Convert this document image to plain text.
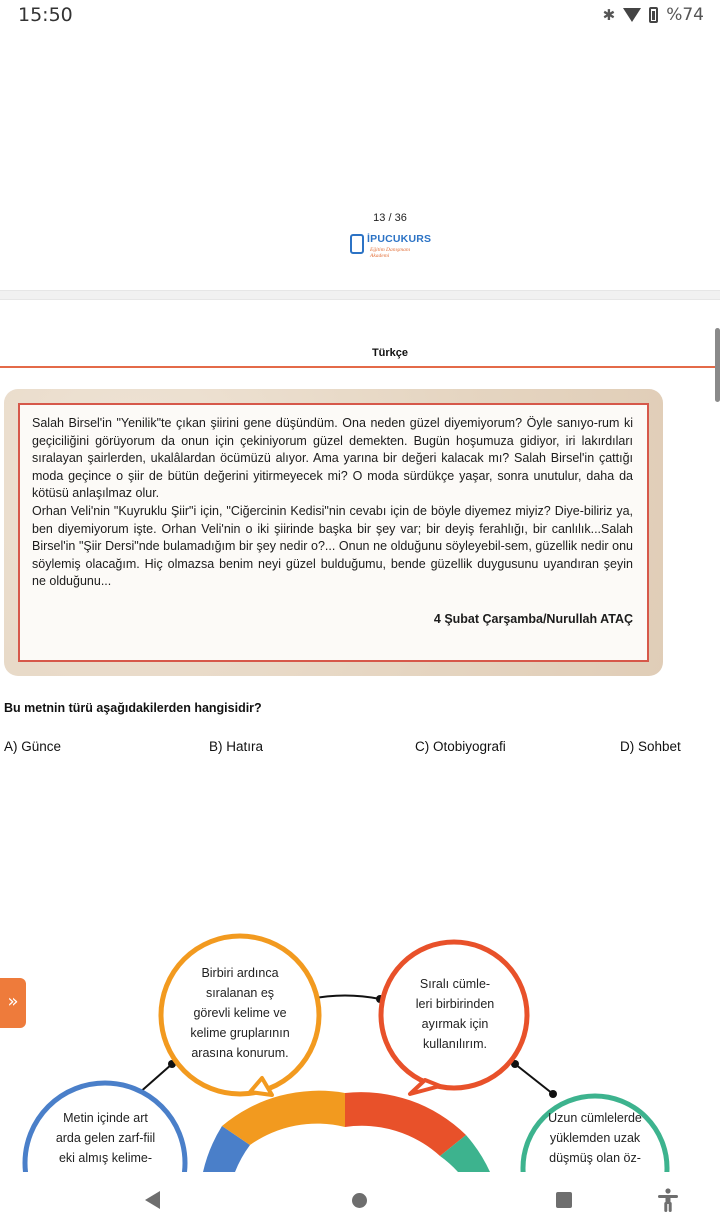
15:50	✱	%74
13 / 36
İPUCUKURS
Eğitim Danışmanı Akademi
Türkçe

Salah Birsel'in "Yenilik"te çıkan şiirini gene düşündüm. Ona neden güzel diyemiyorum? Öyle sanıyo-rum ki geçiciliğini görüyorum da onun için çekiniyorum güzel demekten. Bugün hoşumuza gidiyor, iri lakırdıları sıralayan şairlerden, ukalâlardan öcümüzü alıyor. Ama yarına bir değeri kalacak mı? Salah Birsel'in çattığı moda geçince o şiir de bütün değerini yitirmeyecek mi? O moda sürdükçe yaşar, sonra unutulur, daha da kötüsü anlaşılmaz olur.

Orhan Veli'nin "Kuyruklu Şiir"i için, "Ciğercinin Kedisi"nin cevabı için de böyle diyemez miyiz? Diye-biliriz ya, ben diyemiyorum işte. Orhan Veli'nin o iki şiirinde başka bir şey var; bir deyiş ferahlığı, bir canlılık...Salah Birsel'in "Şiir Dersi"nde bulamadığım bir şey nedir o?... Onun ne olduğunu söyleyebil-sem, güzellik nedir onu söylemiş olacağım. Hiç olmazsa benim neyi güzel bulduğumu, bende güzellik duygusunu uyandıran şeyin ne olduğunu...

4 Şubat Çarşamba/Nurullah ATAÇ
Bu metnin türü aşağıdakilerden hangisidir?
A) Günce	B) Hatıra	C) Otobiyografi	D) Sohbet
Birbiri ardınca
sıralanan eş
görevli kelime ve
kelime gruplarının
arasına konurum.
Sıralı cümle-
leri birbirinden
ayırmak için
kullanılırım.
Metin içinde art
arda gelen zarf-fiil
eki almış kelime-
Uzun cümlelerde
yüklemden uzak
düşmüş olan öz-
»
